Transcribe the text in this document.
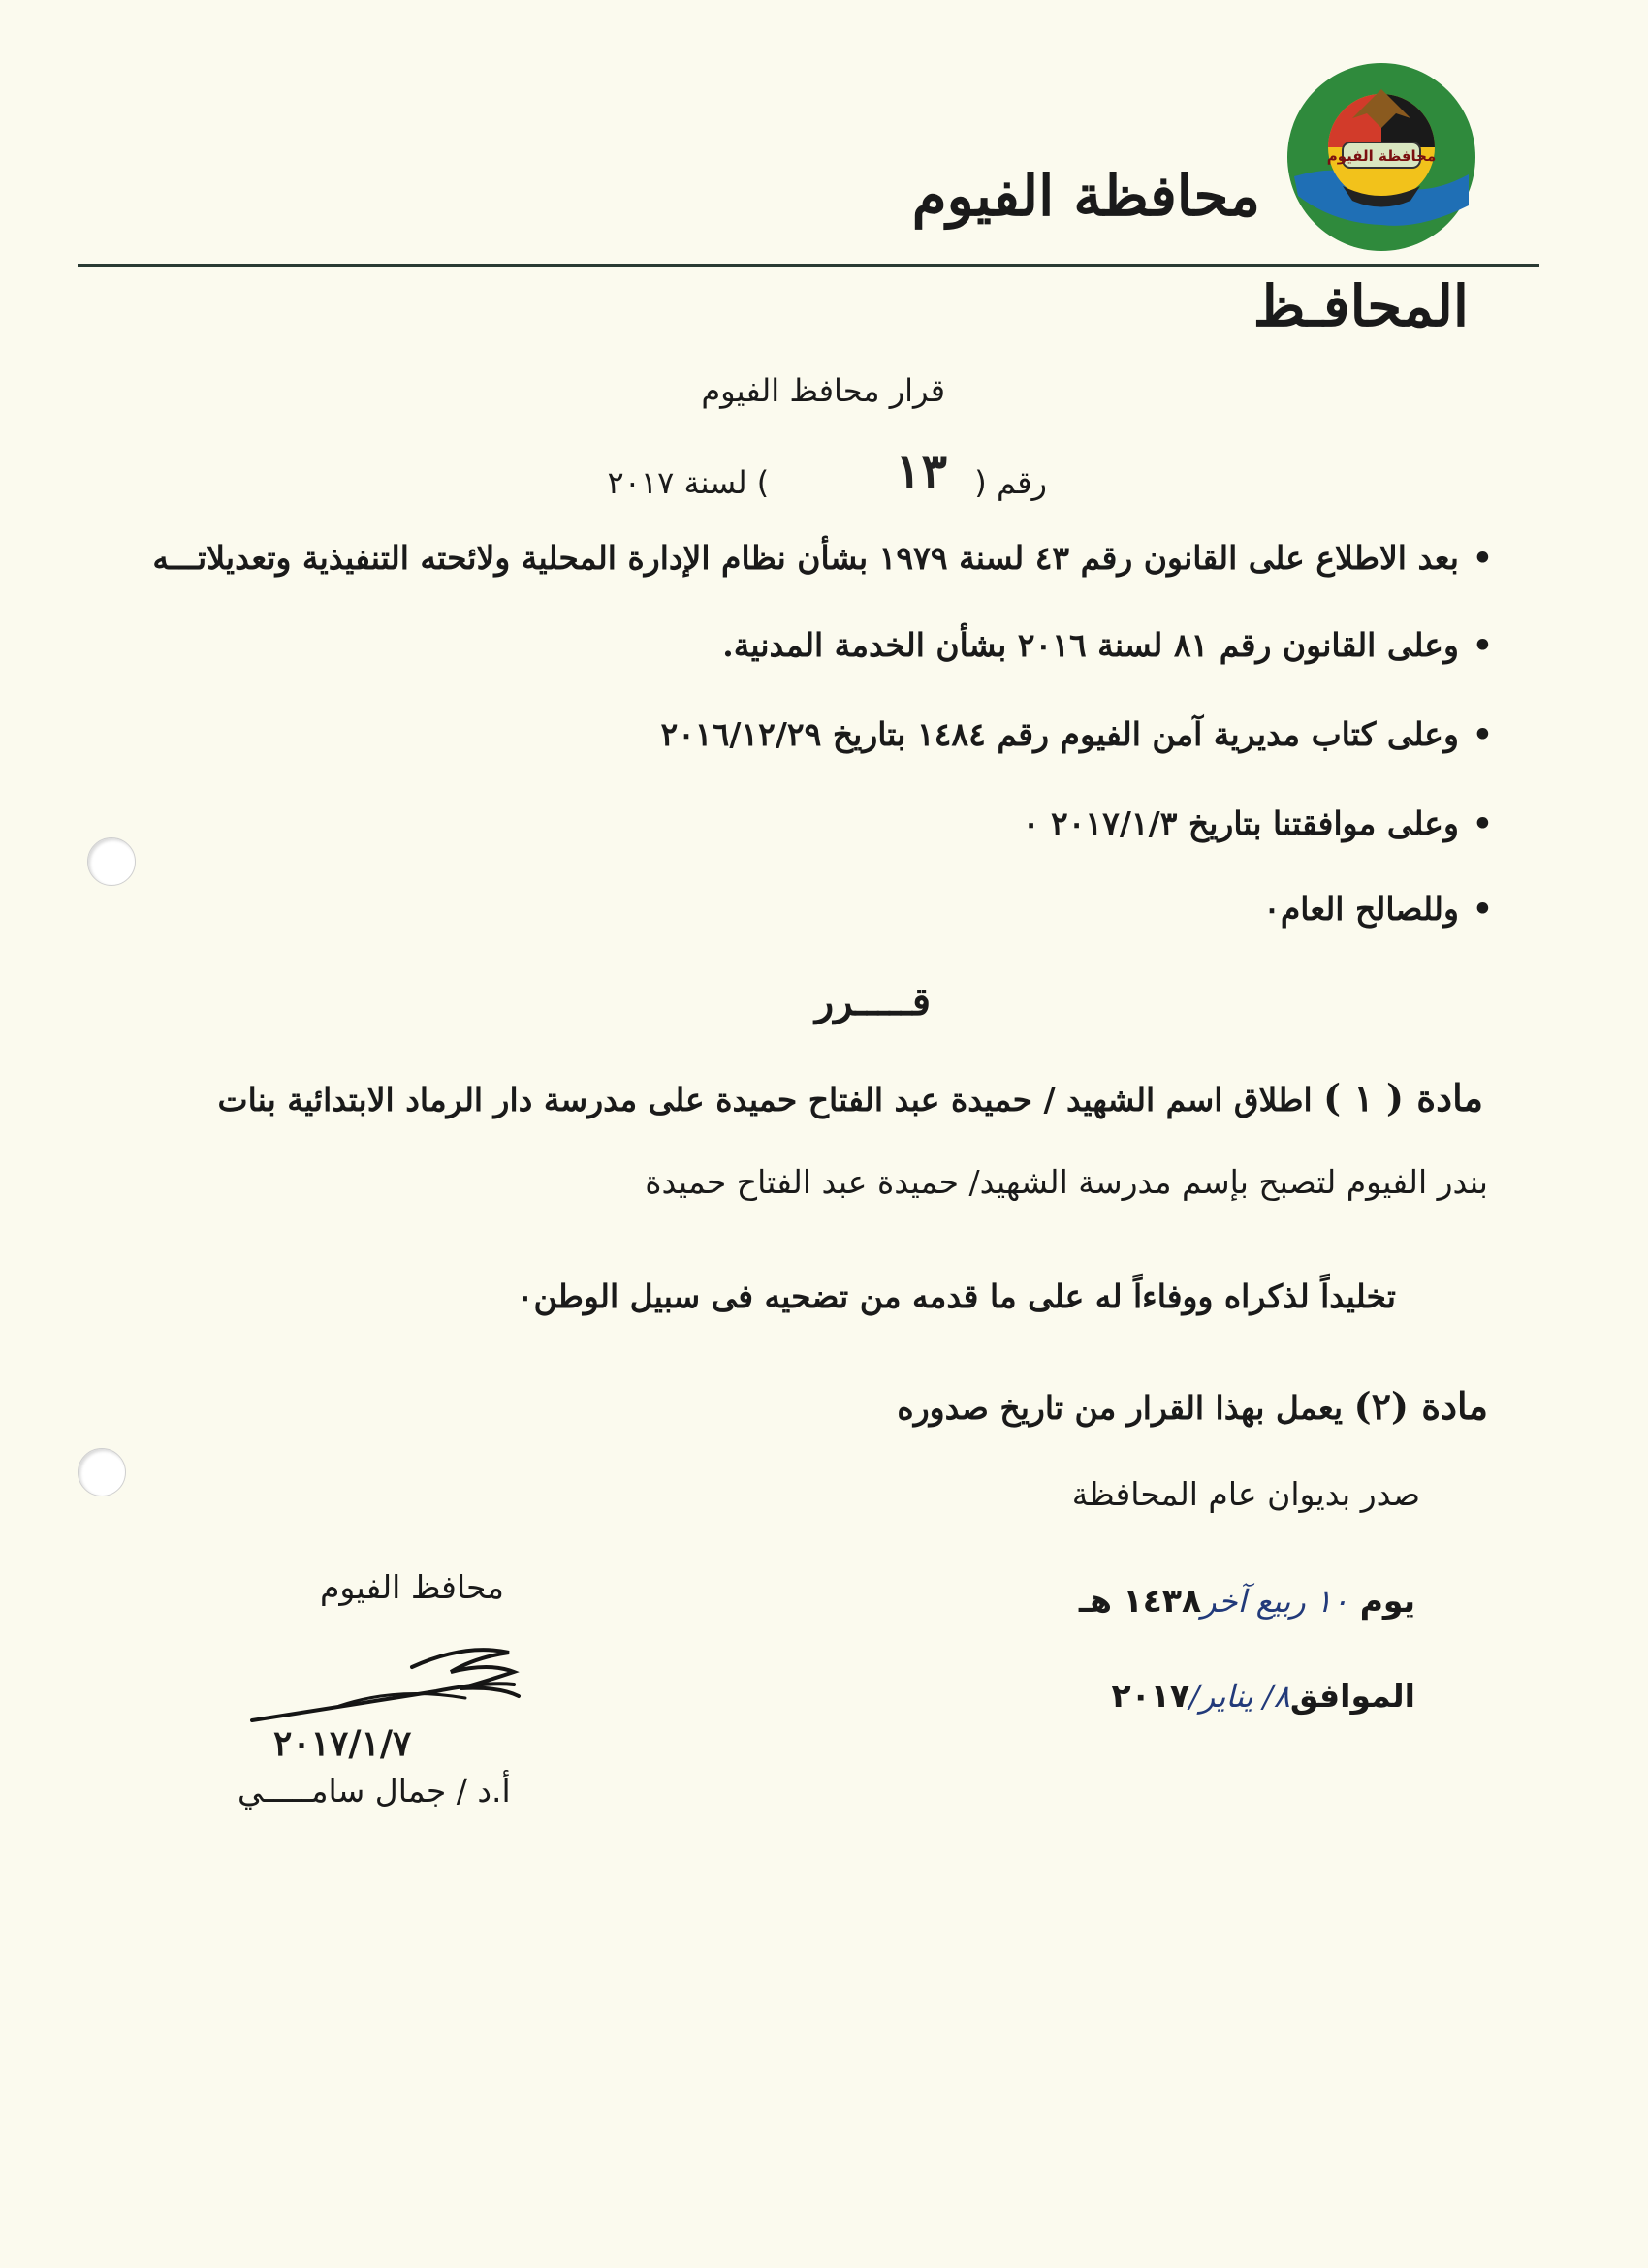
محافظة الفيوم
محافظة الفيوم
المحافـظ
قرار محافظ الفيوم
رقم ( ١٣ ) لسنة ٢٠١٧
•بعد الاطلاع على القانون رقم ٤٣ لسنة ١٩٧٩ بشأن نظام الإدارة المحلية ولائحته التنفيذية وتعديلاتـــه
•وعلى القانون رقم ٨١ لسنة ٢٠١٦ بشأن الخدمة المدنية.
•وعلى كتاب مديرية آمن الفيوم رقم ١٤٨٤ بتاريخ ٢٠١٦/١٢/٢٩
•وعلى موافقتنا بتاريخ ٢٠١٧/١/٣ ٠
•وللصالح العام٠
قـــــرر
مادة ( ١ ) اطلاق اسم الشهيد / حميدة عبد الفتاح حميدة على مدرسة دار الرماد الابتدائية بنات
بندر الفيوم لتصبح بإسم مدرسة الشهيد/ حميدة عبد الفتاح حميدة
تخليداً لذكراه ووفاءاً له على ما قدمه من تضحيه فى سبيل الوطن٠
مادة (٢) يعمل بهذا القرار من تاريخ صدوره
صدر بديوان عام المحافظة
يوم ١٠ ربيع آخر١٤٣٨ هـ
الموافق٨/ يناير/٢٠١٧
محافظ الفيوم
٢٠١٧/١/٧
أ.د / جمال سامـــــي
